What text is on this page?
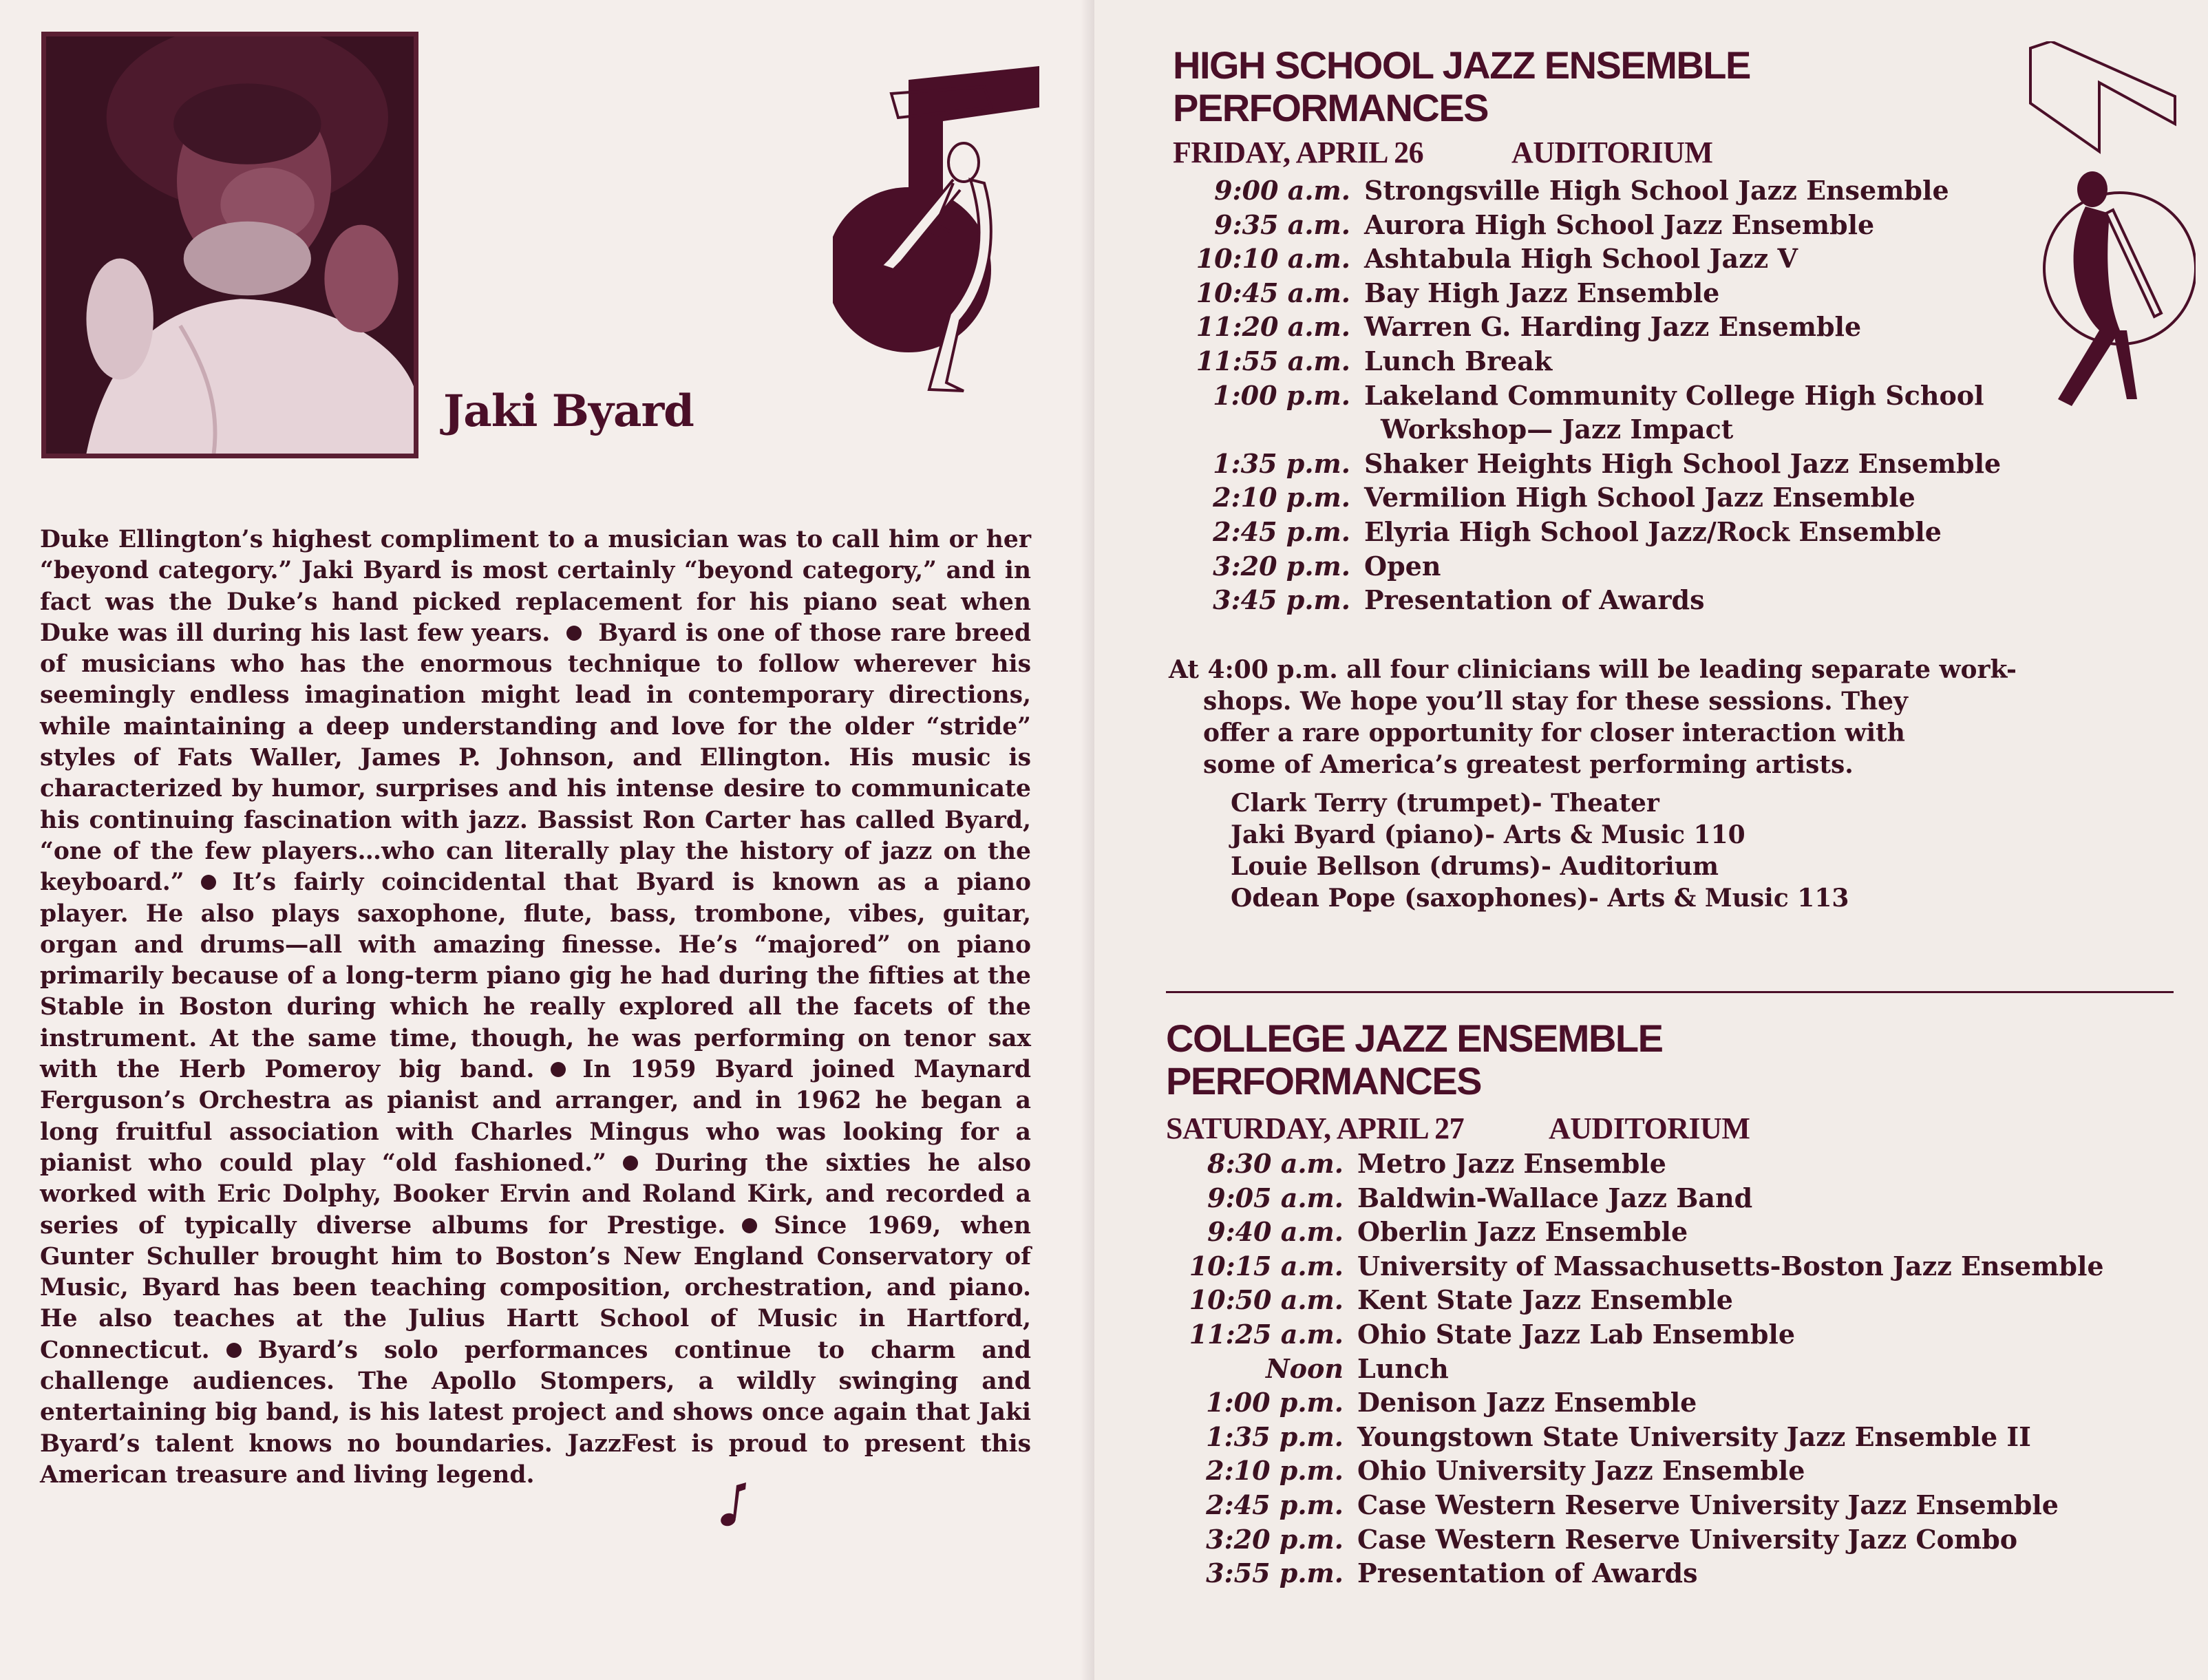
Jaki Byard
Duke Ellington’s highest compliment to a musician was to call him or her “beyond category.” Jaki Byard is most certainly “beyond category,” and in fact was the Duke’s hand picked replacement for his piano seat when Duke was ill during his last few years. Byard is one of those rare breed of musicians who has the enormous technique to follow wherever his seemingly endless imagination might lead in contemporary directions, while maintaining a deep understanding and love for the older “stride” styles of Fats Waller, James P. Johnson, and Ellington. His music is characterized by humor, surprises and his intense desire to communicate his continuing fascination with jazz. Bassist Ron Carter has called Byard, “one of the few players…who can literally play the history of jazz on the keyboard.” It’s fairly coincidental that Byard is known as a piano player. He also plays saxophone, flute, bass, trombone, vibes, guitar, organ and drums—all with amazing finesse. He’s “majored” on piano primarily because of a long-term piano gig he had during the fifties at the Stable in Boston during which he really explored all the facets of the instrument. At the same time, though, he was performing on tenor sax with the Herb Pomeroy big band. In 1959 Byard joined Maynard Ferguson’s Orchestra as pianist and arranger, and in 1962 he began a long fruitful association with Charles Mingus who was looking for a pianist who could play “old fashioned.” During the sixties he also worked with Eric Dolphy, Booker Ervin and Roland Kirk, and recorded a series of typically diverse albums for Prestige. Since 1969, when Gunter Schuller brought him to Boston’s New England Conservatory of Music, Byard has been teaching composition, orchestration, and piano. He also teaches at the Julius Hartt School of Music in Hartford, Connecticut. Byard’s solo performances continue to charm and challenge audiences. The Apollo Stompers, a wildly swinging and entertaining big band, is his latest project and shows once again that Jaki Byard’s talent knows no boundaries. JazzFest is proud to present this American treasure and living legend.
HIGH SCHOOL JAZZ ENSEMBLE
PERFORMANCES
FRIDAY, APRIL 26	AUDITORIUM
9:00 a.m. Strongsville High School Jazz Ensemble
9:35 a.m. Aurora High School Jazz Ensemble
10:10 a.m. Ashtabula High School Jazz V
10:45 a.m. Bay High Jazz Ensemble
11:20 a.m. Warren G. Harding Jazz Ensemble
11:55 a.m. Lunch Break
1:00 p.m. Lakeland Community College High School
Workshop— Jazz Impact
1:35 p.m. Shaker Heights High School Jazz Ensemble
2:10 p.m. Vermilion High School Jazz Ensemble
2:45 p.m. Elyria High School Jazz/Rock Ensemble
3:20 p.m. Open
3:45 p.m. Presentation of Awards
At 4:00 p.m. all four clinicians will be leading separate work-
shops. We hope you’ll stay for these sessions. They offer a rare opportunity for closer interaction with some of America’s greatest performing artists.
Clark Terry (trumpet)- Theater
Jaki Byard (piano)- Arts & Music 110
Louie Bellson (drums)- Auditorium
Odean Pope (saxophones)- Arts & Music 113
COLLEGE JAZZ ENSEMBLE
PERFORMANCES
SATURDAY, APRIL 27	AUDITORIUM
8:30 a.m. Metro Jazz Ensemble
9:05 a.m. Baldwin-Wallace Jazz Band
9:40 a.m. Oberlin Jazz Ensemble
10:15 a.m. University of Massachusetts-Boston Jazz Ensemble
10:50 a.m. Kent State Jazz Ensemble
11:25 a.m. Ohio State Jazz Lab Ensemble
Noon Lunch
1:00 p.m. Denison Jazz Ensemble
1:35 p.m. Youngstown State University Jazz Ensemble II
2:10 p.m. Ohio University Jazz Ensemble
2:45 p.m. Case Western Reserve University Jazz Ensemble
3:20 p.m. Case Western Reserve University Jazz Combo
3:55 p.m. Presentation of Awards
